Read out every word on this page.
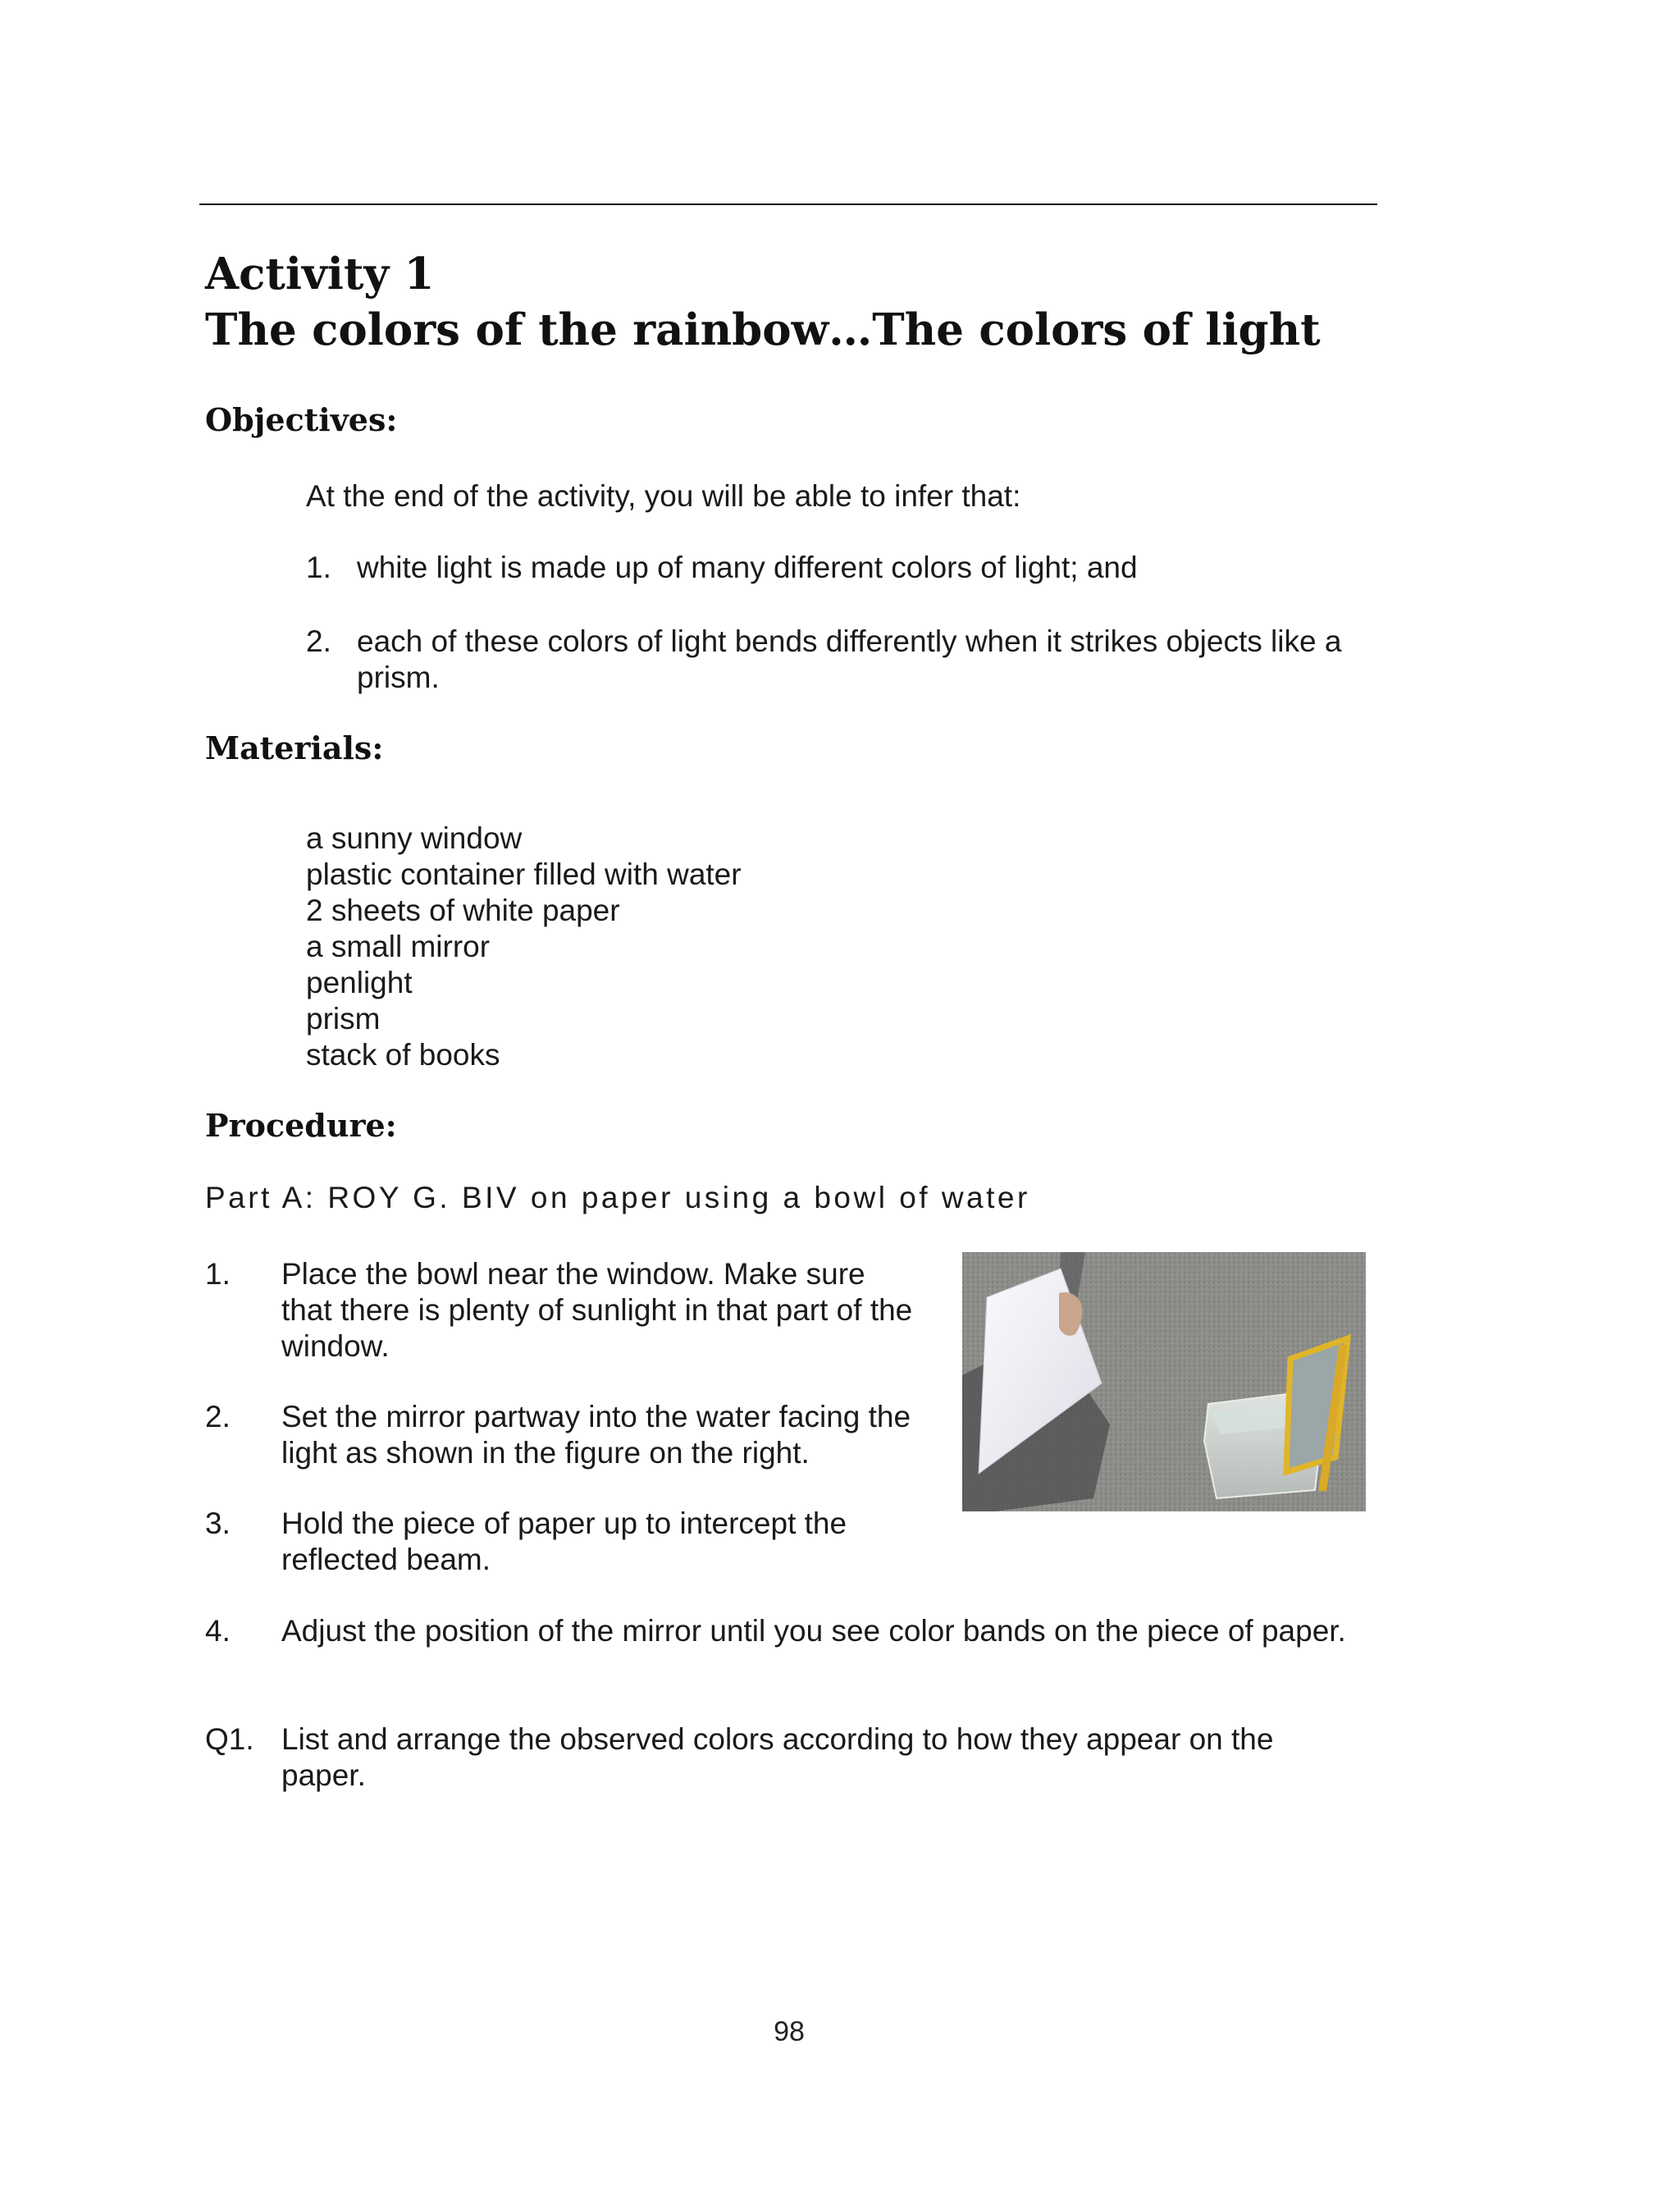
Activity 1
The colors of the rainbow…The colors of light
Objectives:

At the end of the activity, you will be able to infer that:

1. white light is made up of many different colors of light; and

2. each of these colors of light bends differently when it strikes objects like a

prism.

Materials:
a sunny window
plastic container filled with water
2 sheets of white paper
a small mirror
penlight
prism
stack of books
Procedure:

Part A: ROY G. BIV on paper using a bowl of water

1. Place the bowl near the window. Make sure

that there is plenty of sunlight in that part of the

window.

2. Set the mirror partway into the water facing the

light as shown in the figure on the right.

3. Hold the piece of paper up to intercept the

reflected beam.

4. Adjust the position of the mirror until you see color bands on the piece of paper.

Q1. List and arrange the observed colors according to how they appear on the

paper.

98
